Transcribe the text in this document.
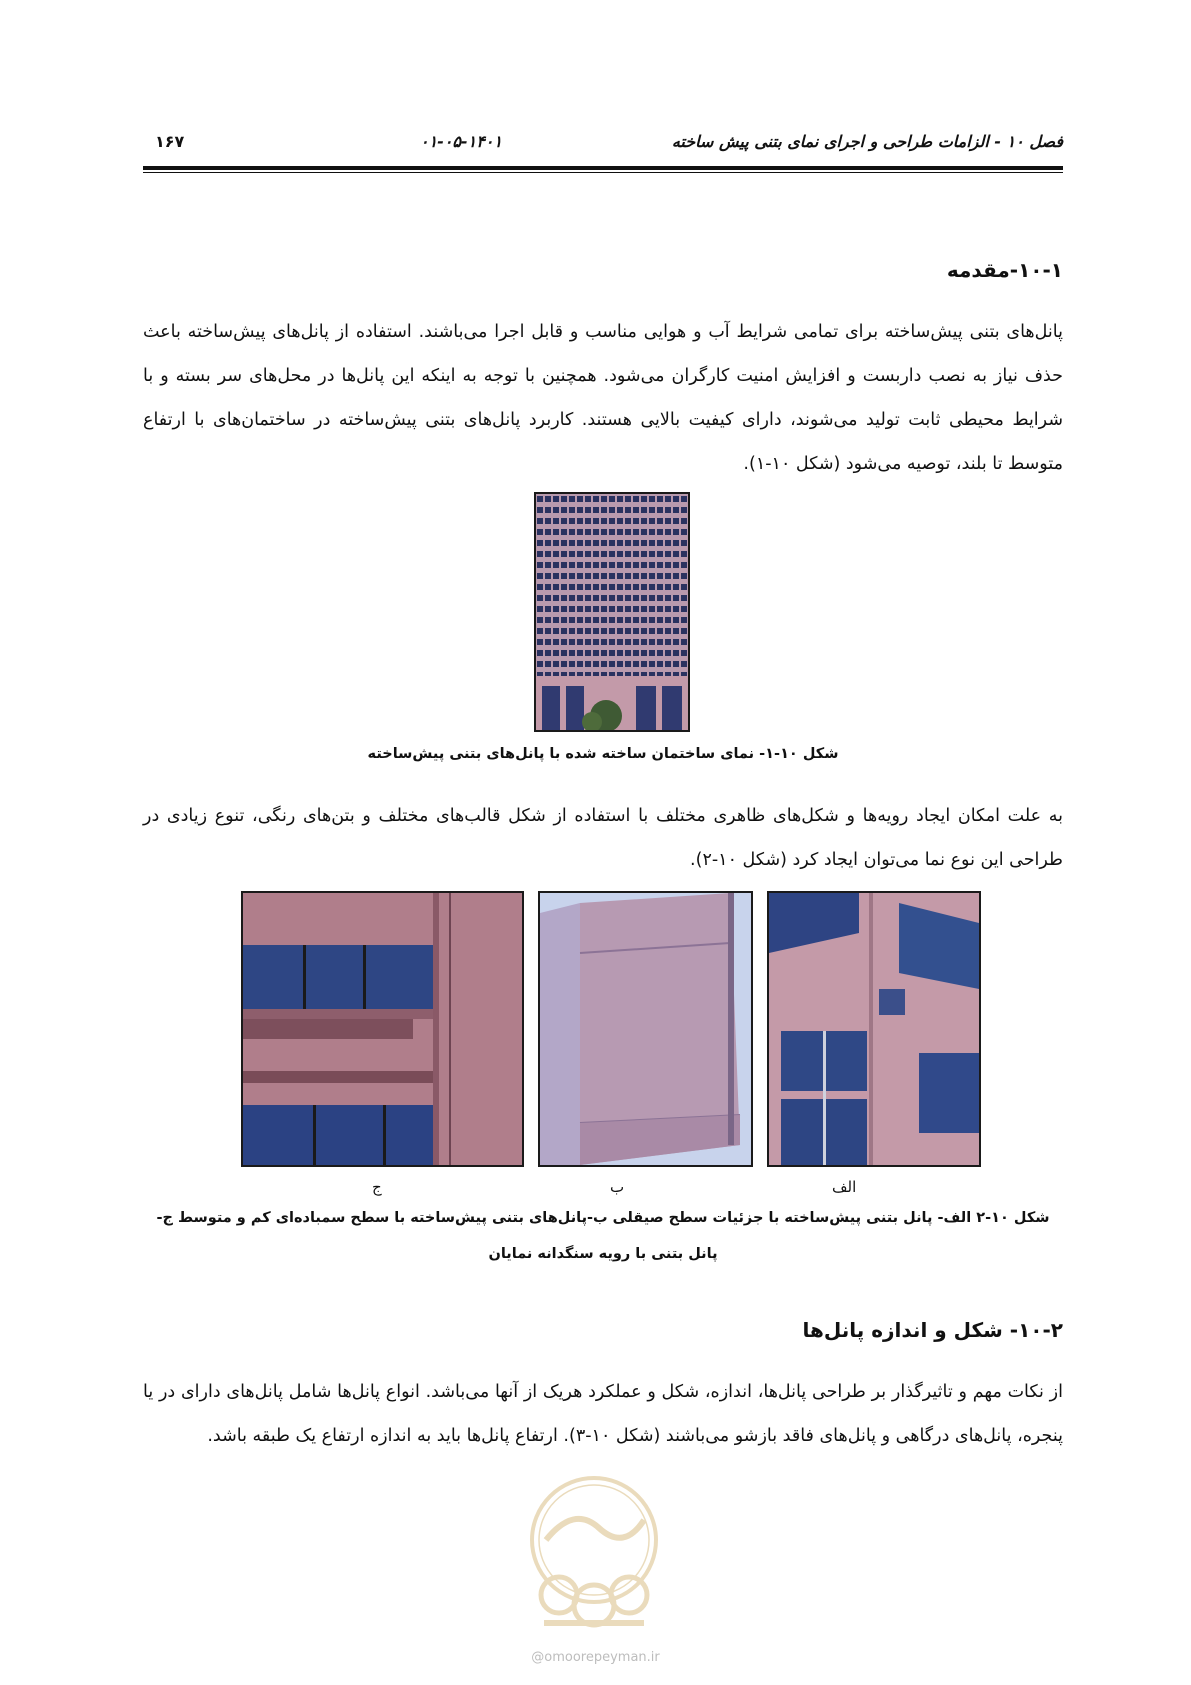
فصل ۱۰ - الزامات طراحی و اجرای نمای بتنی پیش ساخته
۰۱-۰۵-۱۴۰۱
۱۶۷
۱۰-۱-مقدمه
پانل‌های بتنی پیش‌ساخته برای تمامی شرایط آب و هوایی مناسب و قابل اجرا می‌باشند. استفاده از پانل‌های پیش‌ساخته باعث حذف نیاز به نصب داربست و افزایش امنیت کارگران می‌شود. همچنین با توجه به اینکه این پانل‌ها در محل‌های سر بسته و با شرایط محیطی ثابت تولید می‌شوند، دارای کیفیت بالایی هستند. کاربرد پانل‌های بتنی پیش‌ساخته در ساختمان‌های با ارتفاع متوسط تا بلند، توصیه می‌شود (شکل ۱۰-۱).
شکل ۱۰-۱- نمای ساختمان ساخته شده با پانل‌های بتنی پیش‌ساخته
به علت امکان ایجاد رویه‌ها و شکل‌های ظاهری مختلف با استفاده از شکل قالب‌های مختلف و بتن‌های رنگی، تنوع زیادی در طراحی این نوع نما می‌توان ایجاد کرد (شکل ۱۰-۲).
الف
ب
ج
شکل ۱۰-۲ الف- پانل بتنی پیش‌ساخته با جزئیات سطح صیقلی ب-پانل‌های بتنی پیش‌ساخته با سطح سمباده‌ای کم و متوسط ج- پانل بتنی با رویه سنگدانه نمایان
۱۰-۲- شکل و اندازه پانل‌ها
از نکات مهم و تاثیرگذار بر طراحی پانل‌ها، اندازه، شکل و عملکرد هریک از آنها می‌باشد. انواع پانل‌ها شامل پانل‌های دارای در یا پنجره، پانل‌های درگاهی و پانل‌های فاقد بازشو می‌باشند (شکل ۱۰-۳). ارتفاع پانل‌ها باید به اندازه ارتفاع یک طبقه باشد.
@omoorepeyman.ir
